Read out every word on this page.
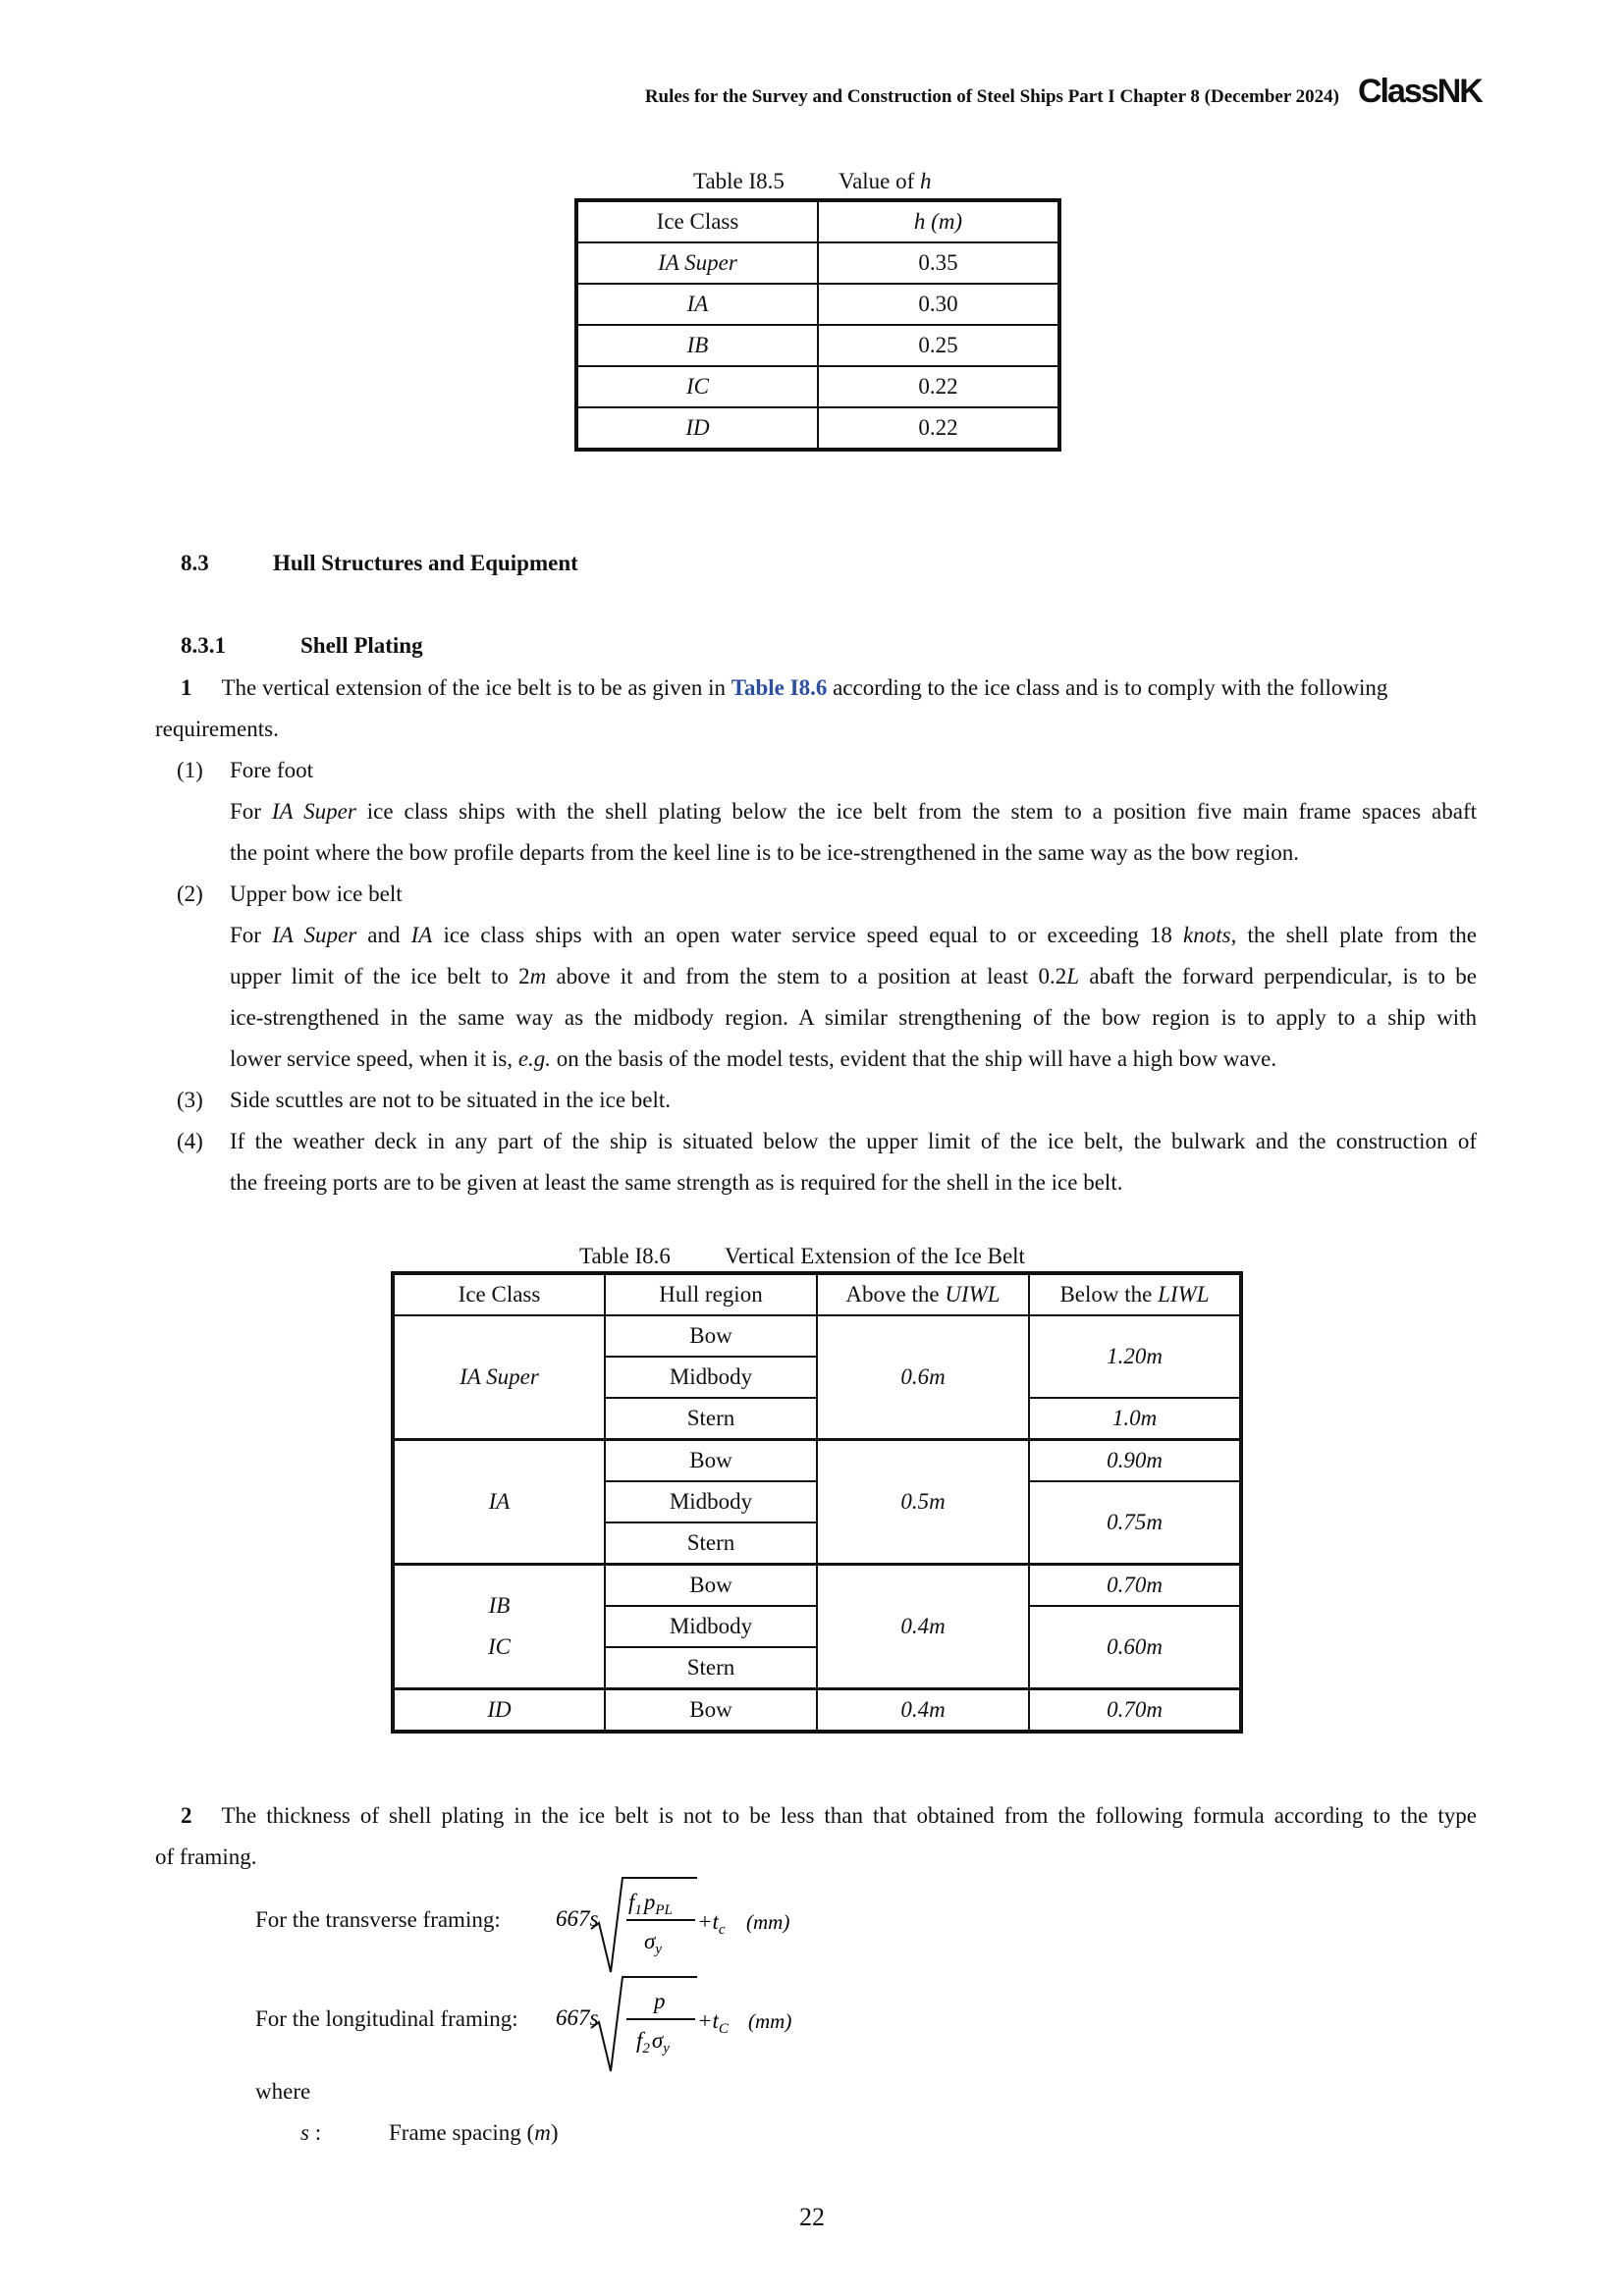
Rules for the Survey and Construction of Steel Ships Part I Chapter 8 (December 2024) ClassNK
Table I8.5 Value of h
Ice Class	h (m)
IA Super	0.35
IA	0.30
IB	0.25
IC	0.22
ID	0.22
8.3	Hull Structures and Equipment
8.3.1	Shell Plating
1 The vertical extension of the ice belt is to be as given in Table I8.6 according to the ice class and is to comply with the following
requirements.
(1) Fore foot
For IA Super ice class ships with the shell plating below the ice belt from the stem to a position five main frame spaces abaft
the point where the bow profile departs from the keel line is to be ice-strengthened in the same way as the bow region.
(2) Upper bow ice belt
For IA Super and IA ice class ships with an open water service speed equal to or exceeding 18 knots, the shell plate from the
upper limit of the ice belt to 2m above it and from the stem to a position at least 0.2L abaft the forward perpendicular, is to be
ice-strengthened in the same way as the midbody region. A similar strengthening of the bow region is to apply to a ship with
lower service speed, when it is, e.g. on the basis of the model tests, evident that the ship will have a high bow wave.
(3) Side scuttles are not to be situated in the ice belt.
(4) If the weather deck in any part of the ship is situated below the upper limit of the ice belt, the bulwark and the construction of
the freeing ports are to be given at least the same strength as is required for the shell in the ice belt.
Table I8.6 Vertical Extension of the Ice Belt
Ice Class	Hull region	Above the UIWL	Below the LIWL
IA Super	Bow	0.6m	1.20m
	Midbody		
	Stern		1.0m
IA	Bow	0.5m	0.90m
	Midbody		0.75m
	Stern		

IB
IC	Bow	0.4m	0.70m
	Midbody		0.60m
	Stern		
ID	Bow	0.4m	0.70m
2 The thickness of shell plating in the ice belt is not to be less than that obtained from the following formula according to the type
of framing.
For the transverse framing: 667s
$f_1p_{PL}$
$\sigma_y$
$+t_c$ (mm)
For the longitudinal framing: 667s
p
$f_2\sigma_y$
$+t_C$ (mm)
where
s :	Frame spacing (m)
22
